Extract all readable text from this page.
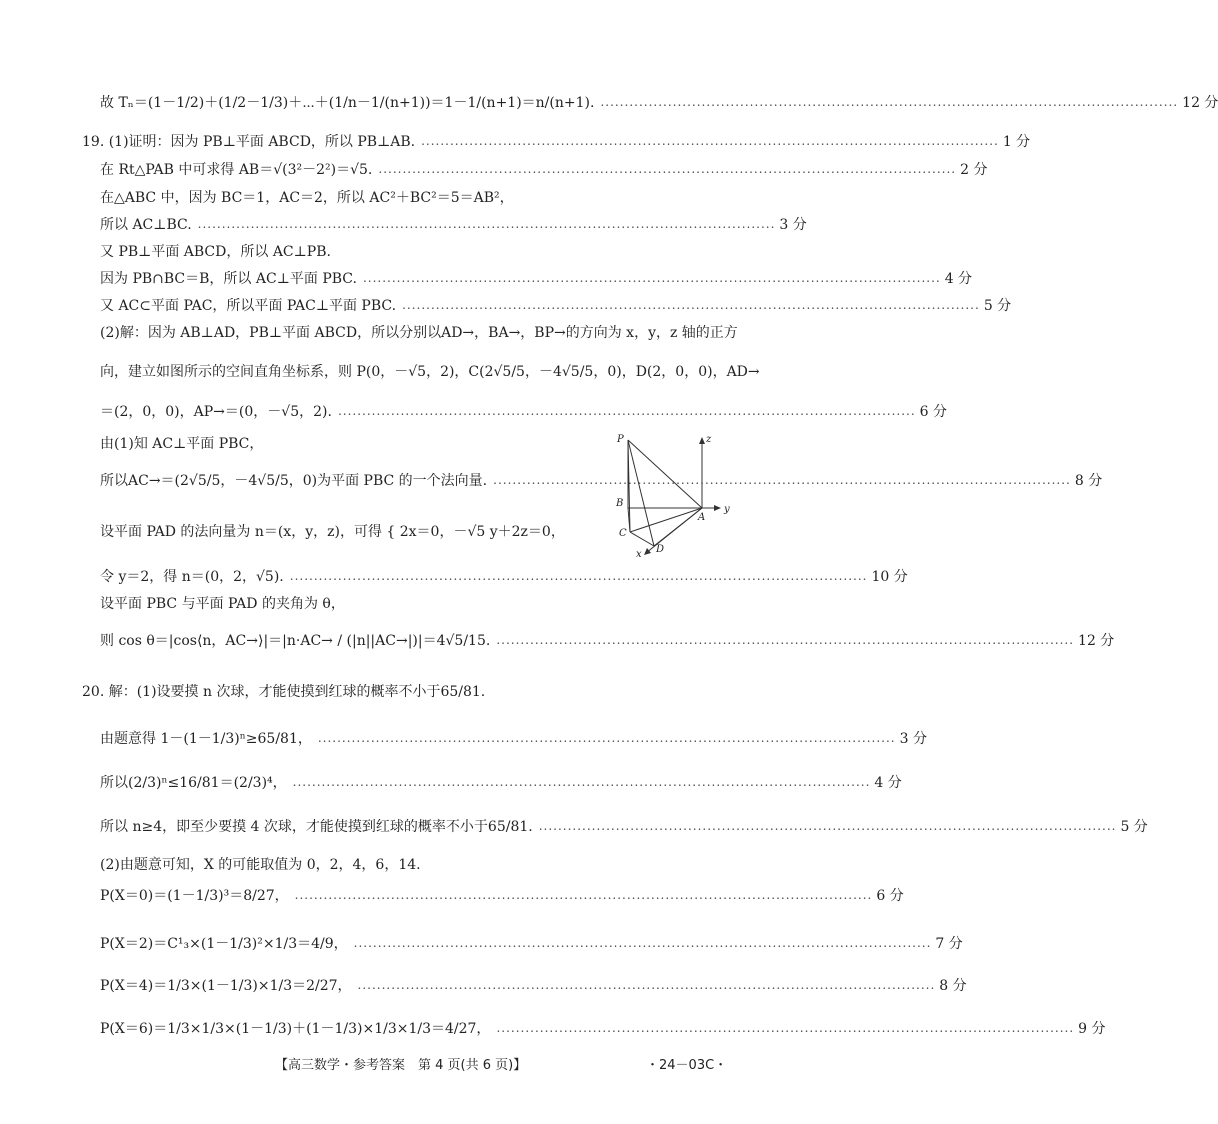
故 Tₙ＝(1－1/2)＋(1/2－1/3)＋⋯＋(1/n－1/(n+1))＝1－1/(n+1)＝n/(n+1). ........................................................................................................................ 12 分
19. (1)证明：因为 PB⊥平面 ABCD，所以 PB⊥AB. ........................................................................................................................ 1 分
在 Rt△PAB 中可求得 AB＝√(3²－2²)＝√5. ........................................................................................................................ 2 分
在△ABC 中，因为 BC＝1，AC＝2，所以 AC²＋BC²＝5＝AB²，
所以 AC⊥BC. ........................................................................................................................ 3 分
又 PB⊥平面 ABCD，所以 AC⊥PB.
因为 PB∩BC＝B，所以 AC⊥平面 PBC. ........................................................................................................................ 4 分
又 AC⊂平面 PAC，所以平面 PAC⊥平面 PBC. ........................................................................................................................ 5 分
(2)解：因为 AB⊥AD，PB⊥平面 ABCD，所以分别以AD→，BA→，BP→的方向为 x，y，z 轴的正方
向，建立如图所示的空间直角坐标系，则 P(0，－√5，2)，C(2√5/5，－4√5/5，0)，D(2，0，0)，AD→
＝(2，0，0)，AP→＝(0，－√5，2). ........................................................................................................................ 6 分
由(1)知 AC⊥平面 PBC，
所以AC→＝(2√5/5，－4√5/5，0)为平面 PBC 的一个法向量. ........................................................................................................................ 8 分
设平面 PAD 的法向量为 n＝(x，y，z)，可得 { 2x＝0，－√5 y＋2z＝0，
令 y＝2，得 n＝(0，2，√5). ........................................................................................................................ 10 分
设平面 PBC 与平面 PAD 的夹角为 θ，
则 cos θ＝|cos⟨n，AC→⟩|＝|n·AC→ / (|n||AC→|)|＝4√5/15. ........................................................................................................................ 12 分
20. 解：(1)设要摸 n 次球，才能使摸到红球的概率不小于65/81.
由题意得 1－(1－1/3)ⁿ≥65/81， ........................................................................................................................ 3 分
所以(2/3)ⁿ≤16/81＝(2/3)⁴， ........................................................................................................................ 4 分
所以 n≥4，即至少要摸 4 次球，才能使摸到红球的概率不小于65/81. ........................................................................................................................ 5 分
(2)由题意可知，X 的可能取值为 0，2，4，6，14.
P(X＝0)＝(1－1/3)³＝8/27， ........................................................................................................................ 6 分
P(X＝2)＝C¹₃×(1－1/3)²×1/3＝4/9， ........................................................................................................................ 7 分
P(X＝4)＝1/3×(1－1/3)×1/3＝2/27， ........................................................................................................................ 8 分
P(X＝6)＝1/3×1/3×(1－1/3)＋(1－1/3)×1/3×1/3＝4/27， ........................................................................................................................ 9 分
P
B
C
A
D
x
y
z
【高三数学・参考答案　第 4 页(共 6 页)】	・24－03C・
